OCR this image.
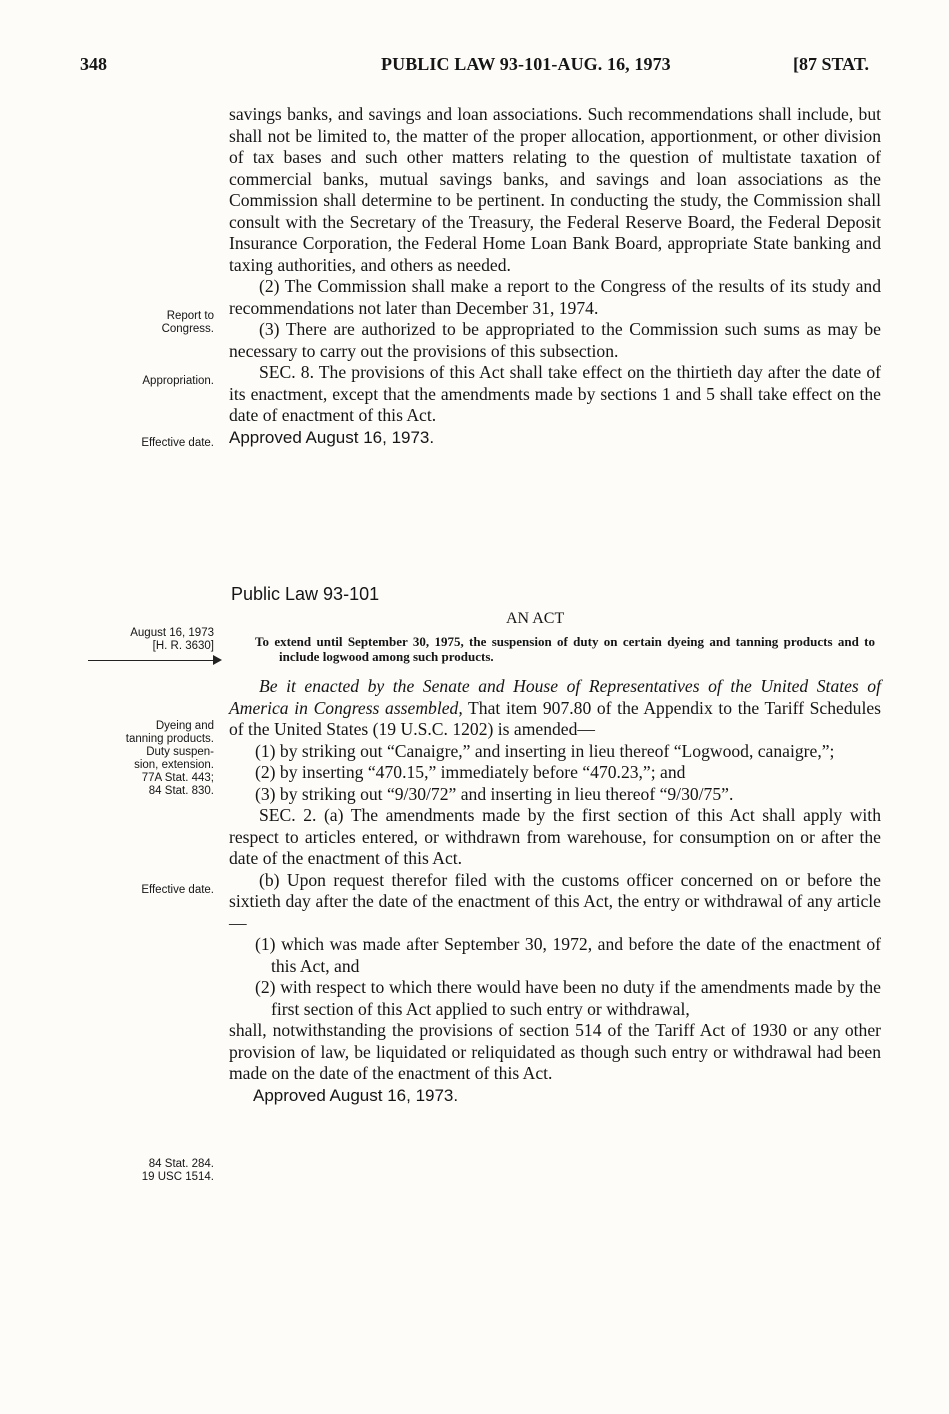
348	PUBLIC LAW 93-101-AUG. 16, 1973	[87 STAT.
Report to
Congress.
Appropriation.
Effective date.
August 16, 1973
[H. R. 3630]
Dyeing and
tanning products.
Duty suspen-
sion, extension.
77A Stat. 443;
84 Stat. 830.
Effective date.
84 Stat. 284.
19 USC 1514.

savings banks, and savings and loan associations. Such recommendations shall include, but shall not be limited to, the matter of the proper allocation, apportionment, or other division of tax bases and such other matters relating to the question of multistate taxation of commercial banks, mutual savings banks, and savings and loan associations as the Commission shall determine to be pertinent. In conducting the study, the Commission shall consult with the Secretary of the Treasury, the Federal Reserve Board, the Federal Deposit Insurance Corporation, the Federal Home Loan Bank Board, appropriate State banking and taxing authorities, and others as needed.

(2) The Commission shall make a report to the Congress of the results of its study and recommendations not later than December 31, 1974.

(3) There are authorized to be appropriated to the Commission such sums as may be necessary to carry out the provisions of this subsection.

SEC. 8. The provisions of this Act shall take effect on the thirtieth day after the date of its enactment, except that the amendments made by sections 1 and 5 shall take effect on the date of enactment of this Act.

Approved August 16, 1973.

Public Law 93-101
AN ACT
To extend until September 30, 1975, the suspension of duty on certain dyeing and tanning products and to include logwood among such products.

Be it enacted by the Senate and House of Representatives of the United States of America in Congress assembled, That item 907.80 of the Appendix to the Tariff Schedules of the United States (19 U.S.C. 1202) is amended—

(1) by striking out “Canaigre,” and inserting in lieu thereof “Logwood, canaigre,”;

(2) by inserting “470.15,” immediately before “470.23,”; and

(3) by striking out “9/30/72” and inserting in lieu thereof “9/30/75”.

SEC. 2. (a) The amendments made by the first section of this Act shall apply with respect to articles entered, or withdrawn from warehouse, for consumption on or after the date of the enactment of this Act.

(b) Upon request therefor filed with the customs officer concerned on or before the sixtieth day after the date of the enactment of this Act, the entry or withdrawal of any article—

(1) which was made after September 30, 1972, and before the date of the enactment of this Act, and

(2) with respect to which there would have been no duty if the amendments made by the first section of this Act applied to such entry or withdrawal,

shall, notwithstanding the provisions of section 514 of the Tariff Act of 1930 or any other provision of law, be liquidated or reliquidated as though such entry or withdrawal had been made on the date of the enactment of this Act.

Approved August 16, 1973.
